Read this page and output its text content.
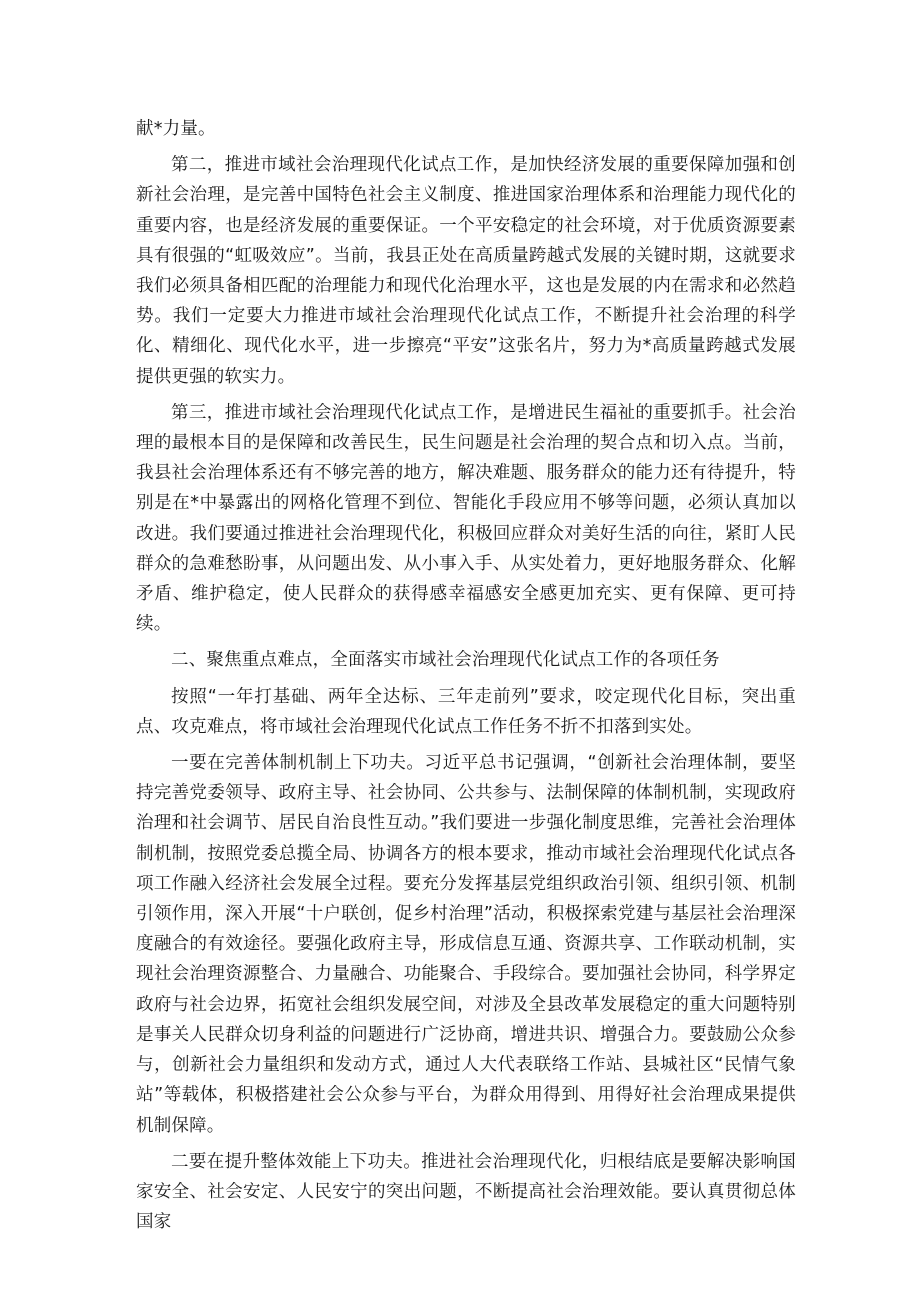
献*力量。

第二，推进市域社会治理现代化试点工作，是加快经济发展的重要保障加强和创新社会治理，是完善中国特色社会主义制度、推进国家治理体系和治理能力现代化的重要内容，也是经济发展的重要保证。一个平安稳定的社会环境，对于优质资源要素具有很强的“虹吸效应”。当前，我县正处在高质量跨越式发展的关键时期，这就要求我们必须具备相匹配的治理能力和现代化治理水平，这也是发展的内在需求和必然趋势。我们一定要大力推进市域社会治理现代化试点工作，不断提升社会治理的科学化、精细化、现代化水平，进一步擦亮“平安”这张名片，努力为*高质量跨越式发展提供更强的软实力。

第三，推进市域社会治理现代化试点工作，是增进民生福祉的重要抓手。社会治理的最根本目的是保障和改善民生，民生问题是社会治理的契合点和切入点。当前，我县社会治理体系还有不够完善的地方，解决难题、服务群众的能力还有待提升，特别是在*中暴露出的网格化管理不到位、智能化手段应用不够等问题，必须认真加以改进。我们要通过推进社会治理现代化，积极回应群众对美好生活的向往，紧盯人民群众的急难愁盼事，从问题出发、从小事入手、从实处着力，更好地服务群众、化解矛盾、维护稳定，使人民群众的获得感幸福感安全感更加充实、更有保障、更可持续。

二、聚焦重点难点，全面落实市域社会治理现代化试点工作的各项任务

按照“一年打基础、两年全达标、三年走前列”要求，咬定现代化目标，突出重点、攻克难点，将市域社会治理现代化试点工作任务不折不扣落到实处。

一要在完善体制机制上下功夫。习近平总书记强调，“创新社会治理体制，要坚持完善党委领导、政府主导、社会协同、公共参与、法制保障的体制机制，实现政府治理和社会调节、居民自治良性互动。”我们要进一步强化制度思维，完善社会治理体制机制，按照党委总揽全局、协调各方的根本要求，推动市域社会治理现代化试点各项工作融入经济社会发展全过程。要充分发挥基层党组织政治引领、组织引领、机制引领作用，深入开展“十户联创，促乡村治理”活动，积极探索党建与基层社会治理深度融合的有效途径。要强化政府主导，形成信息互通、资源共享、工作联动机制，实现社会治理资源整合、力量融合、功能聚合、手段综合。要加强社会协同，科学界定政府与社会边界，拓宽社会组织发展空间，对涉及全县改革发展稳定的重大问题特别是事关人民群众切身利益的问题进行广泛协商，增进共识、增强合力。要鼓励公众参与，创新社会力量组织和发动方式，通过人大代表联络工作站、县城社区“民情气象站”等载体，积极搭建社会公众参与平台，为群众用得到、用得好社会治理成果提供机制保障。

二要在提升整体效能上下功夫。推进社会治理现代化，归根结底是要解决影响国家安全、社会安定、人民安宁的突出问题，不断提高社会治理效能。要认真贯彻总体国家
